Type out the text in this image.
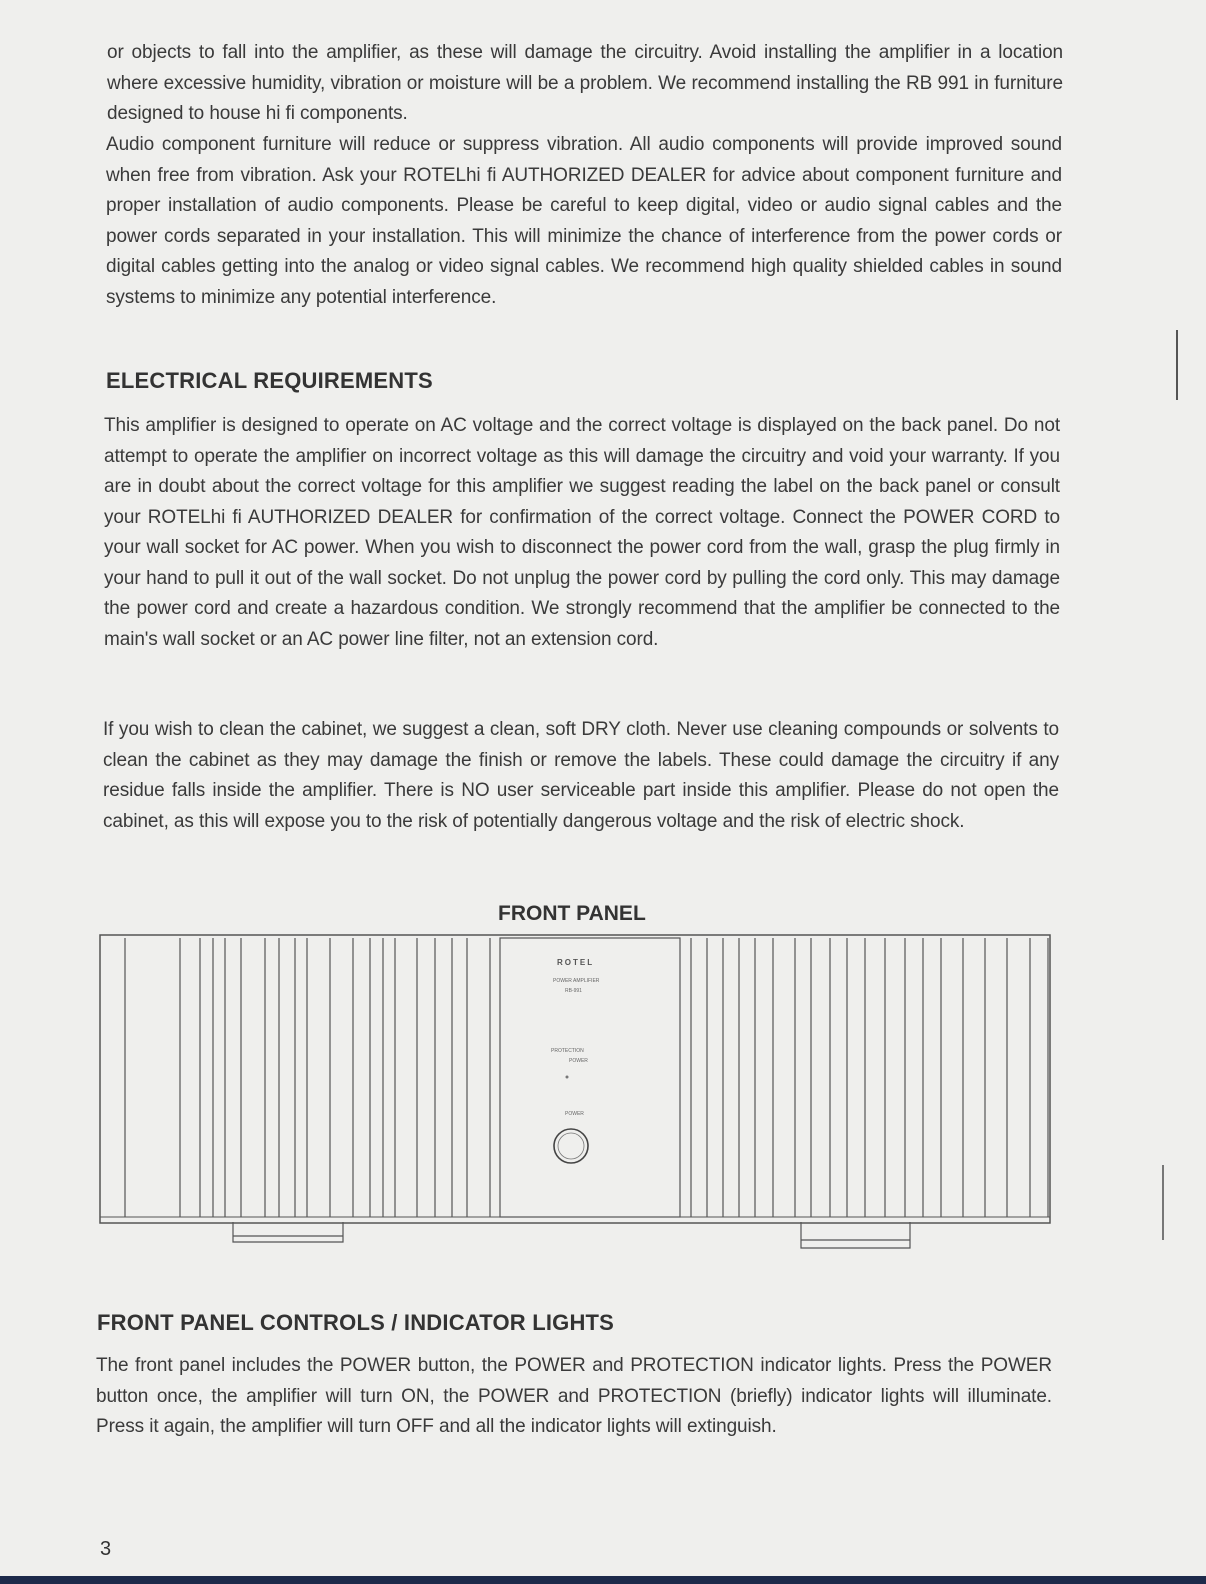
or objects to fall into the amplifier, as these will damage the circuitry. Avoid installing the amplifier in a location where excessive humidity, vibration or moisture will be a problem. We recommend installing the RB 991 in furniture designed to house hi fi components.

Audio component furniture will reduce or suppress vibration. All audio components will provide improved sound when free from vibration. Ask your ROTELhi fi AUTHORIZED DEALER for advice about component furniture and proper installation of audio components. Please be careful to keep digital, video or audio signal cables and the power cords separated in your installation. This will minimize the chance of interference from the power cords or digital cables getting into the analog or video signal cables. We recommend high quality shielded cables in sound systems to minimize any potential interference.

ELECTRICAL REQUIREMENTS

This amplifier is designed to operate on AC voltage and the correct voltage is displayed on the back panel. Do not attempt to operate the amplifier on incorrect voltage as this will damage the circuitry and void your warranty. If you are in doubt about the correct voltage for this amplifier we suggest reading the label on the back panel or consult your ROTELhi fi AUTHORIZED DEALER for confirmation of the correct voltage. Connect the POWER CORD to your wall socket for AC power. When you wish to disconnect the power cord from the wall, grasp the plug firmly in your hand to pull it out of the wall socket. Do not unplug the power cord by pulling the cord only. This may damage the power cord and create a hazardous condition. We strongly recommend that the amplifier be connected to the main's wall socket or an AC power line filter, not an extension cord.

If you wish to clean the cabinet, we suggest a clean, soft DRY cloth. Never use cleaning compounds or solvents to clean the cabinet as they may damage the finish or remove the labels. These could damage the circuitry if any residue falls inside the amplifier. There is NO user serviceable part inside this amplifier. Please do not open the cabinet, as this will expose you to the risk of potentially dangerous voltage and the risk of electric shock.

FRONT PANEL
ROTEL
POWER AMPLIFIER
RB-991
PROTECTION
POWER
POWER
FRONT PANEL CONTROLS / INDICATOR LIGHTS

The front panel includes the POWER button, the POWER and PROTECTION indicator lights. Press the POWER button once, the amplifier will turn ON, the POWER and PROTECTION (briefly) indicator lights will illuminate. Press it again, the amplifier will turn OFF and all the indicator lights will extinguish.

3
